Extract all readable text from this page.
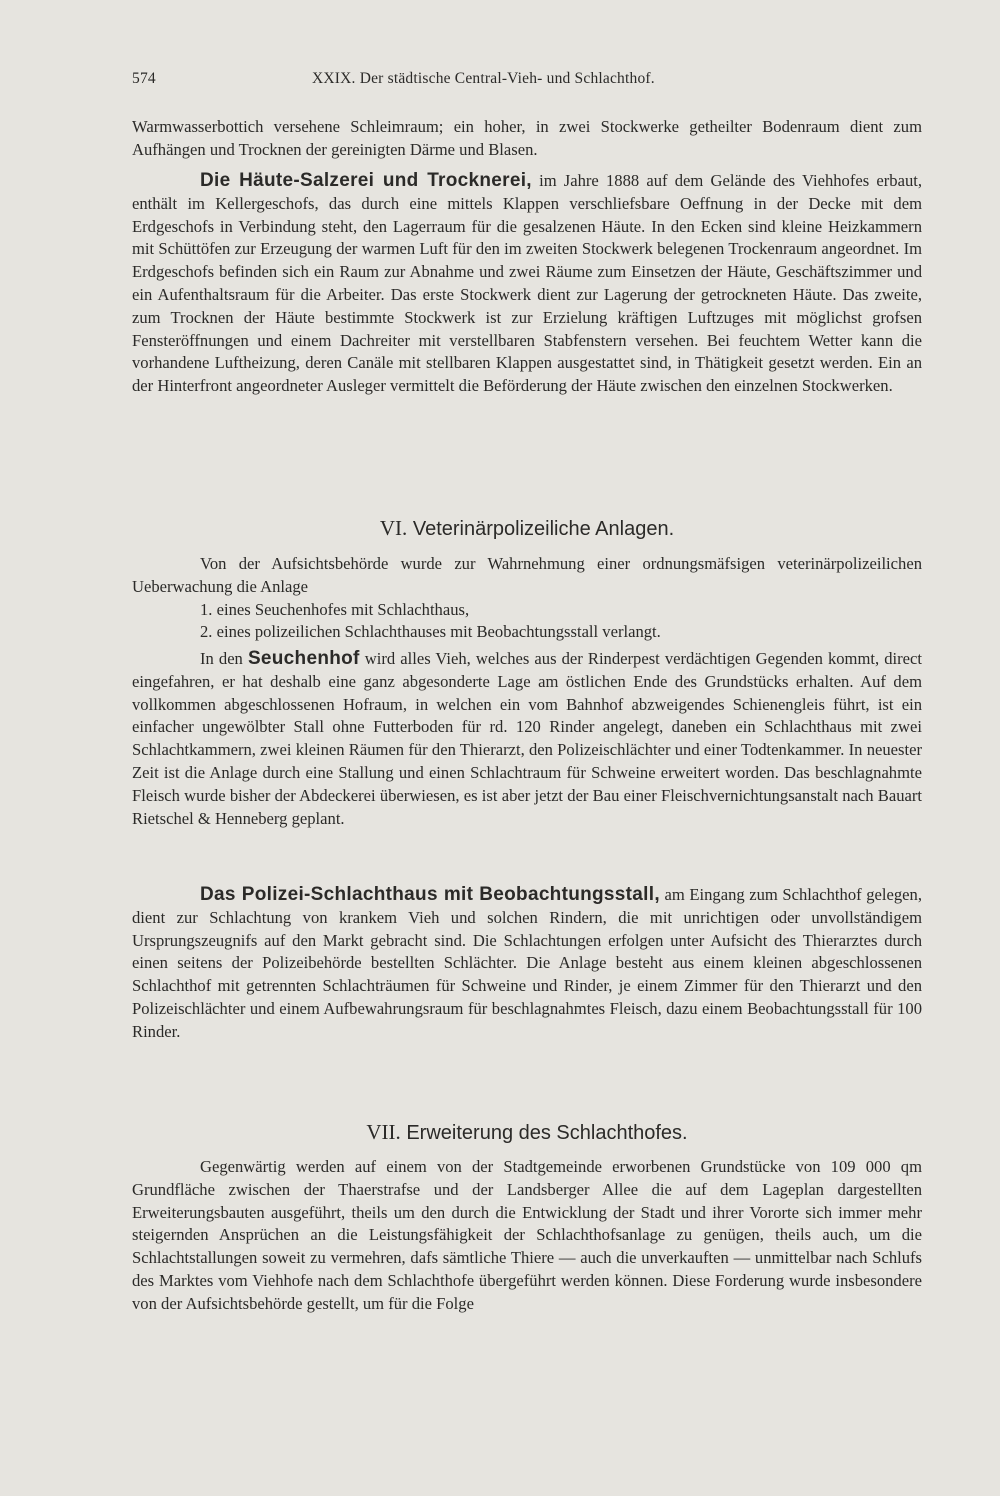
574	XXIX. Der städtische Central-Vieh- und Schlachthof.

Warmwasserbottich versehene Schleimraum; ein hoher, in zwei Stockwerke getheilter Bodenraum dient zum Aufhängen und Trocknen der gereinigten Därme und Blasen.

Die Häute-Salzerei und Trocknerei, im Jahre 1888 auf dem Gelände des Viehhofes erbaut, enthält im Kellergeschofs, das durch eine mittels Klappen verschliefsbare Oeffnung in der Decke mit dem Erdgeschofs in Verbindung steht, den Lagerraum für die gesalzenen Häute. In den Ecken sind kleine Heizkammern mit Schüttöfen zur Erzeugung der warmen Luft für den im zweiten Stockwerk belegenen Trockenraum angeordnet. Im Erdgeschofs befinden sich ein Raum zur Abnahme und zwei Räume zum Einsetzen der Häute, Geschäftszimmer und ein Aufenthaltsraum für die Arbeiter. Das erste Stockwerk dient zur Lagerung der getrockneten Häute. Das zweite, zum Trocknen der Häute bestimmte Stockwerk ist zur Erzielung kräftigen Luftzuges mit möglichst grofsen Fensteröffnungen und einem Dachreiter mit verstellbaren Stabfenstern versehen. Bei feuchtem Wetter kann die vorhandene Luftheizung, deren Canäle mit stellbaren Klappen ausgestattet sind, in Thätigkeit gesetzt werden. Ein an der Hinterfront angeordneter Ausleger vermittelt die Beförderung der Häute zwischen den einzelnen Stockwerken.

VI. Veterinärpolizeiliche Anlagen.

Von der Aufsichtsbehörde wurde zur Wahrnehmung einer ordnungsmäfsigen veterinärpolizeilichen Ueberwachung die Anlage

1. eines Seuchenhofes mit Schlachthaus,
2. eines polizeilichen Schlachthauses mit Beobachtungsstall verlangt.

In den Seuchenhof wird alles Vieh, welches aus der Rinderpest verdächtigen Gegenden kommt, direct eingefahren, er hat deshalb eine ganz abgesonderte Lage am östlichen Ende des Grundstücks erhalten. Auf dem vollkommen abgeschlossenen Hofraum, in welchen ein vom Bahnhof abzweigendes Schienengleis führt, ist ein einfacher ungewölbter Stall ohne Futterboden für rd. 120 Rinder angelegt, daneben ein Schlachthaus mit zwei Schlachtkammern, zwei kleinen Räumen für den Thierarzt, den Polizeischlächter und einer Todtenkammer. In neuester Zeit ist die Anlage durch eine Stallung und einen Schlachtraum für Schweine erweitert worden. Das beschlagnahmte Fleisch wurde bisher der Abdeckerei überwiesen, es ist aber jetzt der Bau einer Fleischvernichtungsanstalt nach Bauart Rietschel & Henneberg geplant.

Das Polizei-Schlachthaus mit Beobachtungsstall, am Eingang zum Schlachthof gelegen, dient zur Schlachtung von krankem Vieh und solchen Rindern, die mit unrichtigen oder unvollständigem Ursprungszeugnifs auf den Markt gebracht sind. Die Schlachtungen erfolgen unter Aufsicht des Thierarztes durch einen seitens der Polizeibehörde bestellten Schlächter. Die Anlage besteht aus einem kleinen abgeschlossenen Schlachthof mit getrennten Schlachträumen für Schweine und Rinder, je einem Zimmer für den Thierarzt und den Polizeischlächter und einem Aufbewahrungsraum für beschlagnahmtes Fleisch, dazu einem Beobachtungsstall für 100 Rinder.

VII. Erweiterung des Schlachthofes.

Gegenwärtig werden auf einem von der Stadtgemeinde erworbenen Grundstücke von 109 000 qm Grundfläche zwischen der Thaerstrafse und der Landsberger Allee die auf dem Lageplan dargestellten Erweiterungsbauten ausgeführt, theils um den durch die Entwicklung der Stadt und ihrer Vororte sich immer mehr steigernden Ansprüchen an die Leistungsfähigkeit der Schlachthofsanlage zu genügen, theils auch, um die Schlachtstallungen soweit zu vermehren, dafs sämtliche Thiere — auch die unverkauften — unmittelbar nach Schlufs des Marktes vom Viehhofe nach dem Schlachthofe übergeführt werden können. Diese Forderung wurde insbesondere von der Aufsichtsbehörde gestellt, um für die Folge
